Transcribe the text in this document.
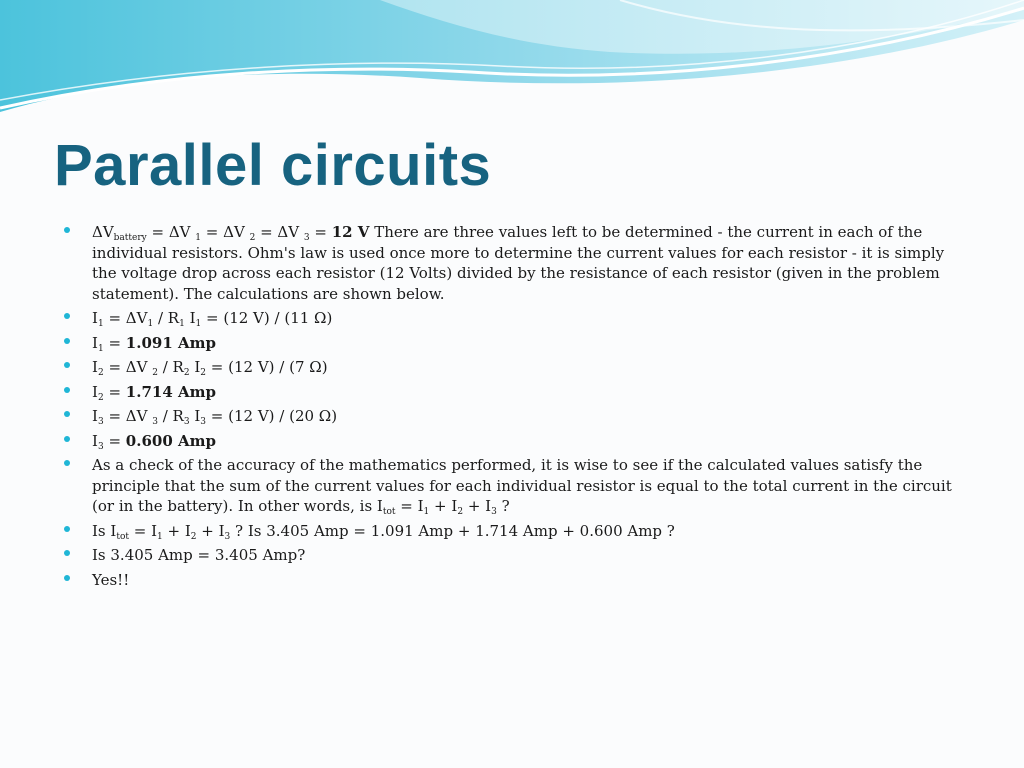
Parallel circuits
$\Delta V_{battery} = \Delta V$ $_1$ = ΔV $_2$ = ΔV $_3$ = 12 V There are three values left to be determined - the current in each of the individual resistors. Ohm's law is used once more to determine the current values for each resistor - it is simply the voltage drop across each resistor (12 Volts) divided by the resistance of each resistor (given in the problem statement). The calculations are shown below.
$I_1 = \Delta V_1 / R_1$ $I_1 = (12$ V) / (11 Ω)
$I_1 = 1.091$ Amp
$I_2 = \Delta V$ $_2 / R_2$ $I_2 = (12$ V) / (7 Ω)
$I_2 = 1.714$ Amp
$I_3 = \Delta V$ $_3 / R_3$ $I_3 = (12$ V) / (20 Ω)
$I_3 = 0.600$ Amp
As a check of the accuracy of the mathematics performed, it is wise to see if the calculated values satisfy the principle that the sum of the current values for each individual resistor is equal to the total current in the circuit (or in the battery). In other words, is $I_{tot} = I_1 + I_2 + I_3$ ?
Is $I_{tot} = I_1 + I_2 + I_3$ ? Is 3.405 Amp = 1.091 Amp + 1.714 Amp + 0.600 Amp ?
Is 3.405 Amp = 3.405 Amp?
Yes!!
